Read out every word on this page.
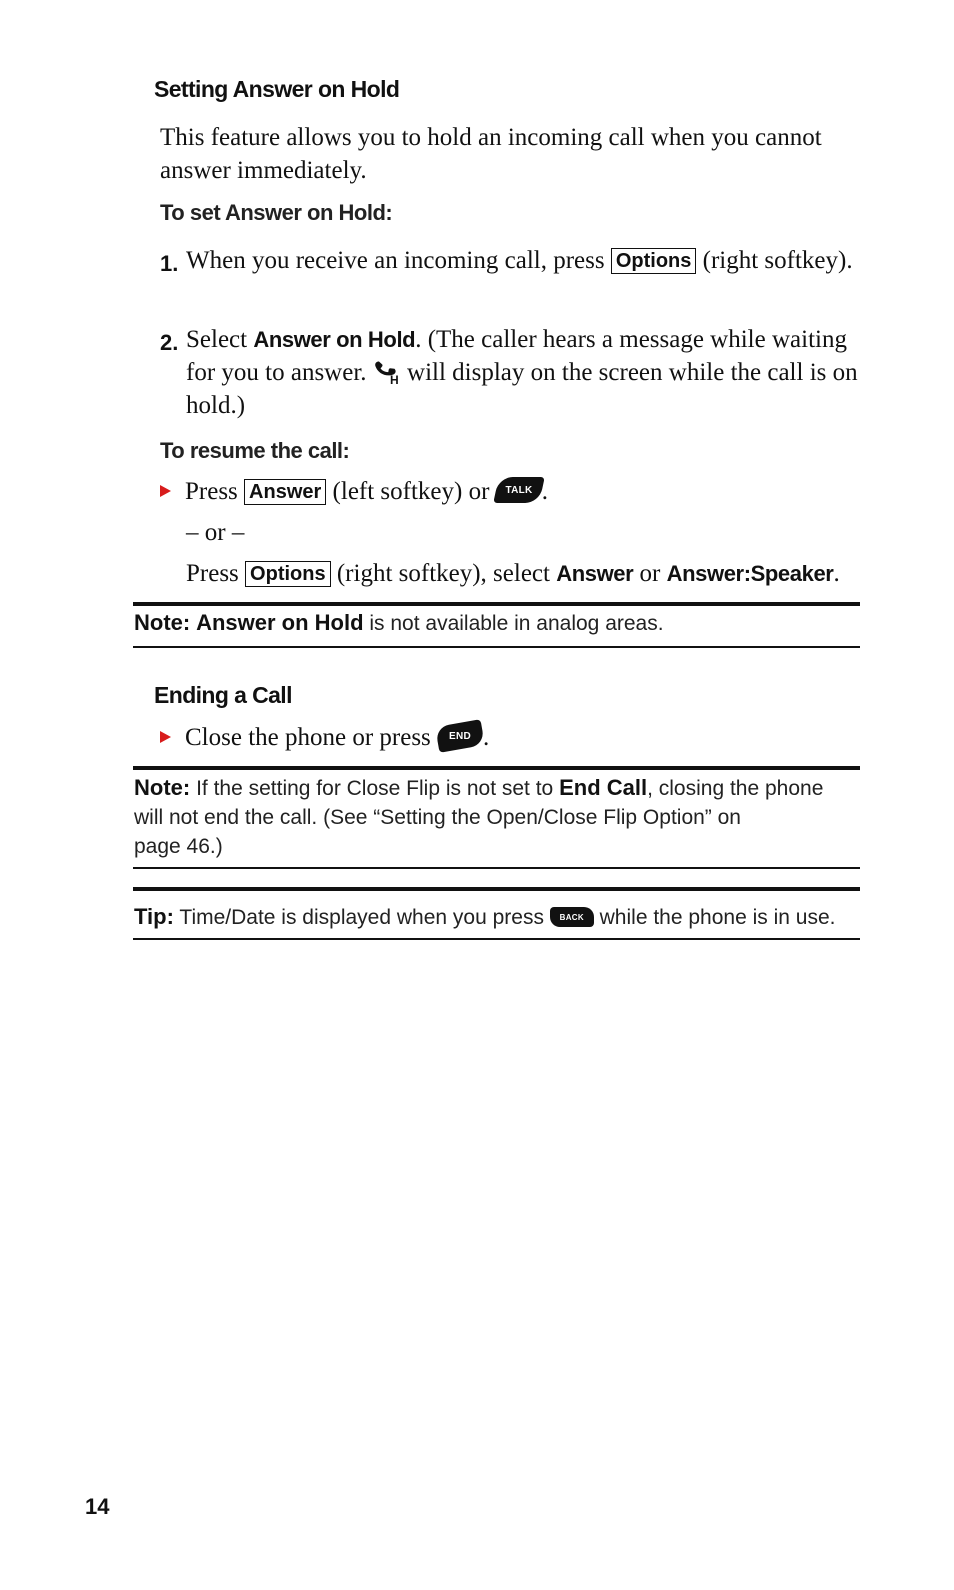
Setting Answer on Hold
This feature allows you to hold an incoming call when you cannot answer immediately.
To set Answer on Hold:
1. When you receive an incoming call, press Options (right softkey).
2. Select Answer on Hold. (The caller hears a message while waiting for you to answer. H will display on the screen while the call is on hold.)
To resume the call:
Press Answer (left softkey) or	TALK .
– or –
Press Options (right softkey), select Answer or Answer:Speaker.
Note: Answer on Hold is not available in analog areas.
Ending a Call
Close the phone or press	END .
Note: If the setting for Close Flip is not set to End Call, closing the phone
will not end the call. (See “Setting the Open/Close Flip Option” on
page 46.)
Tip: Time/Date is displayed when you press	BACK while the phone is in use.
14
